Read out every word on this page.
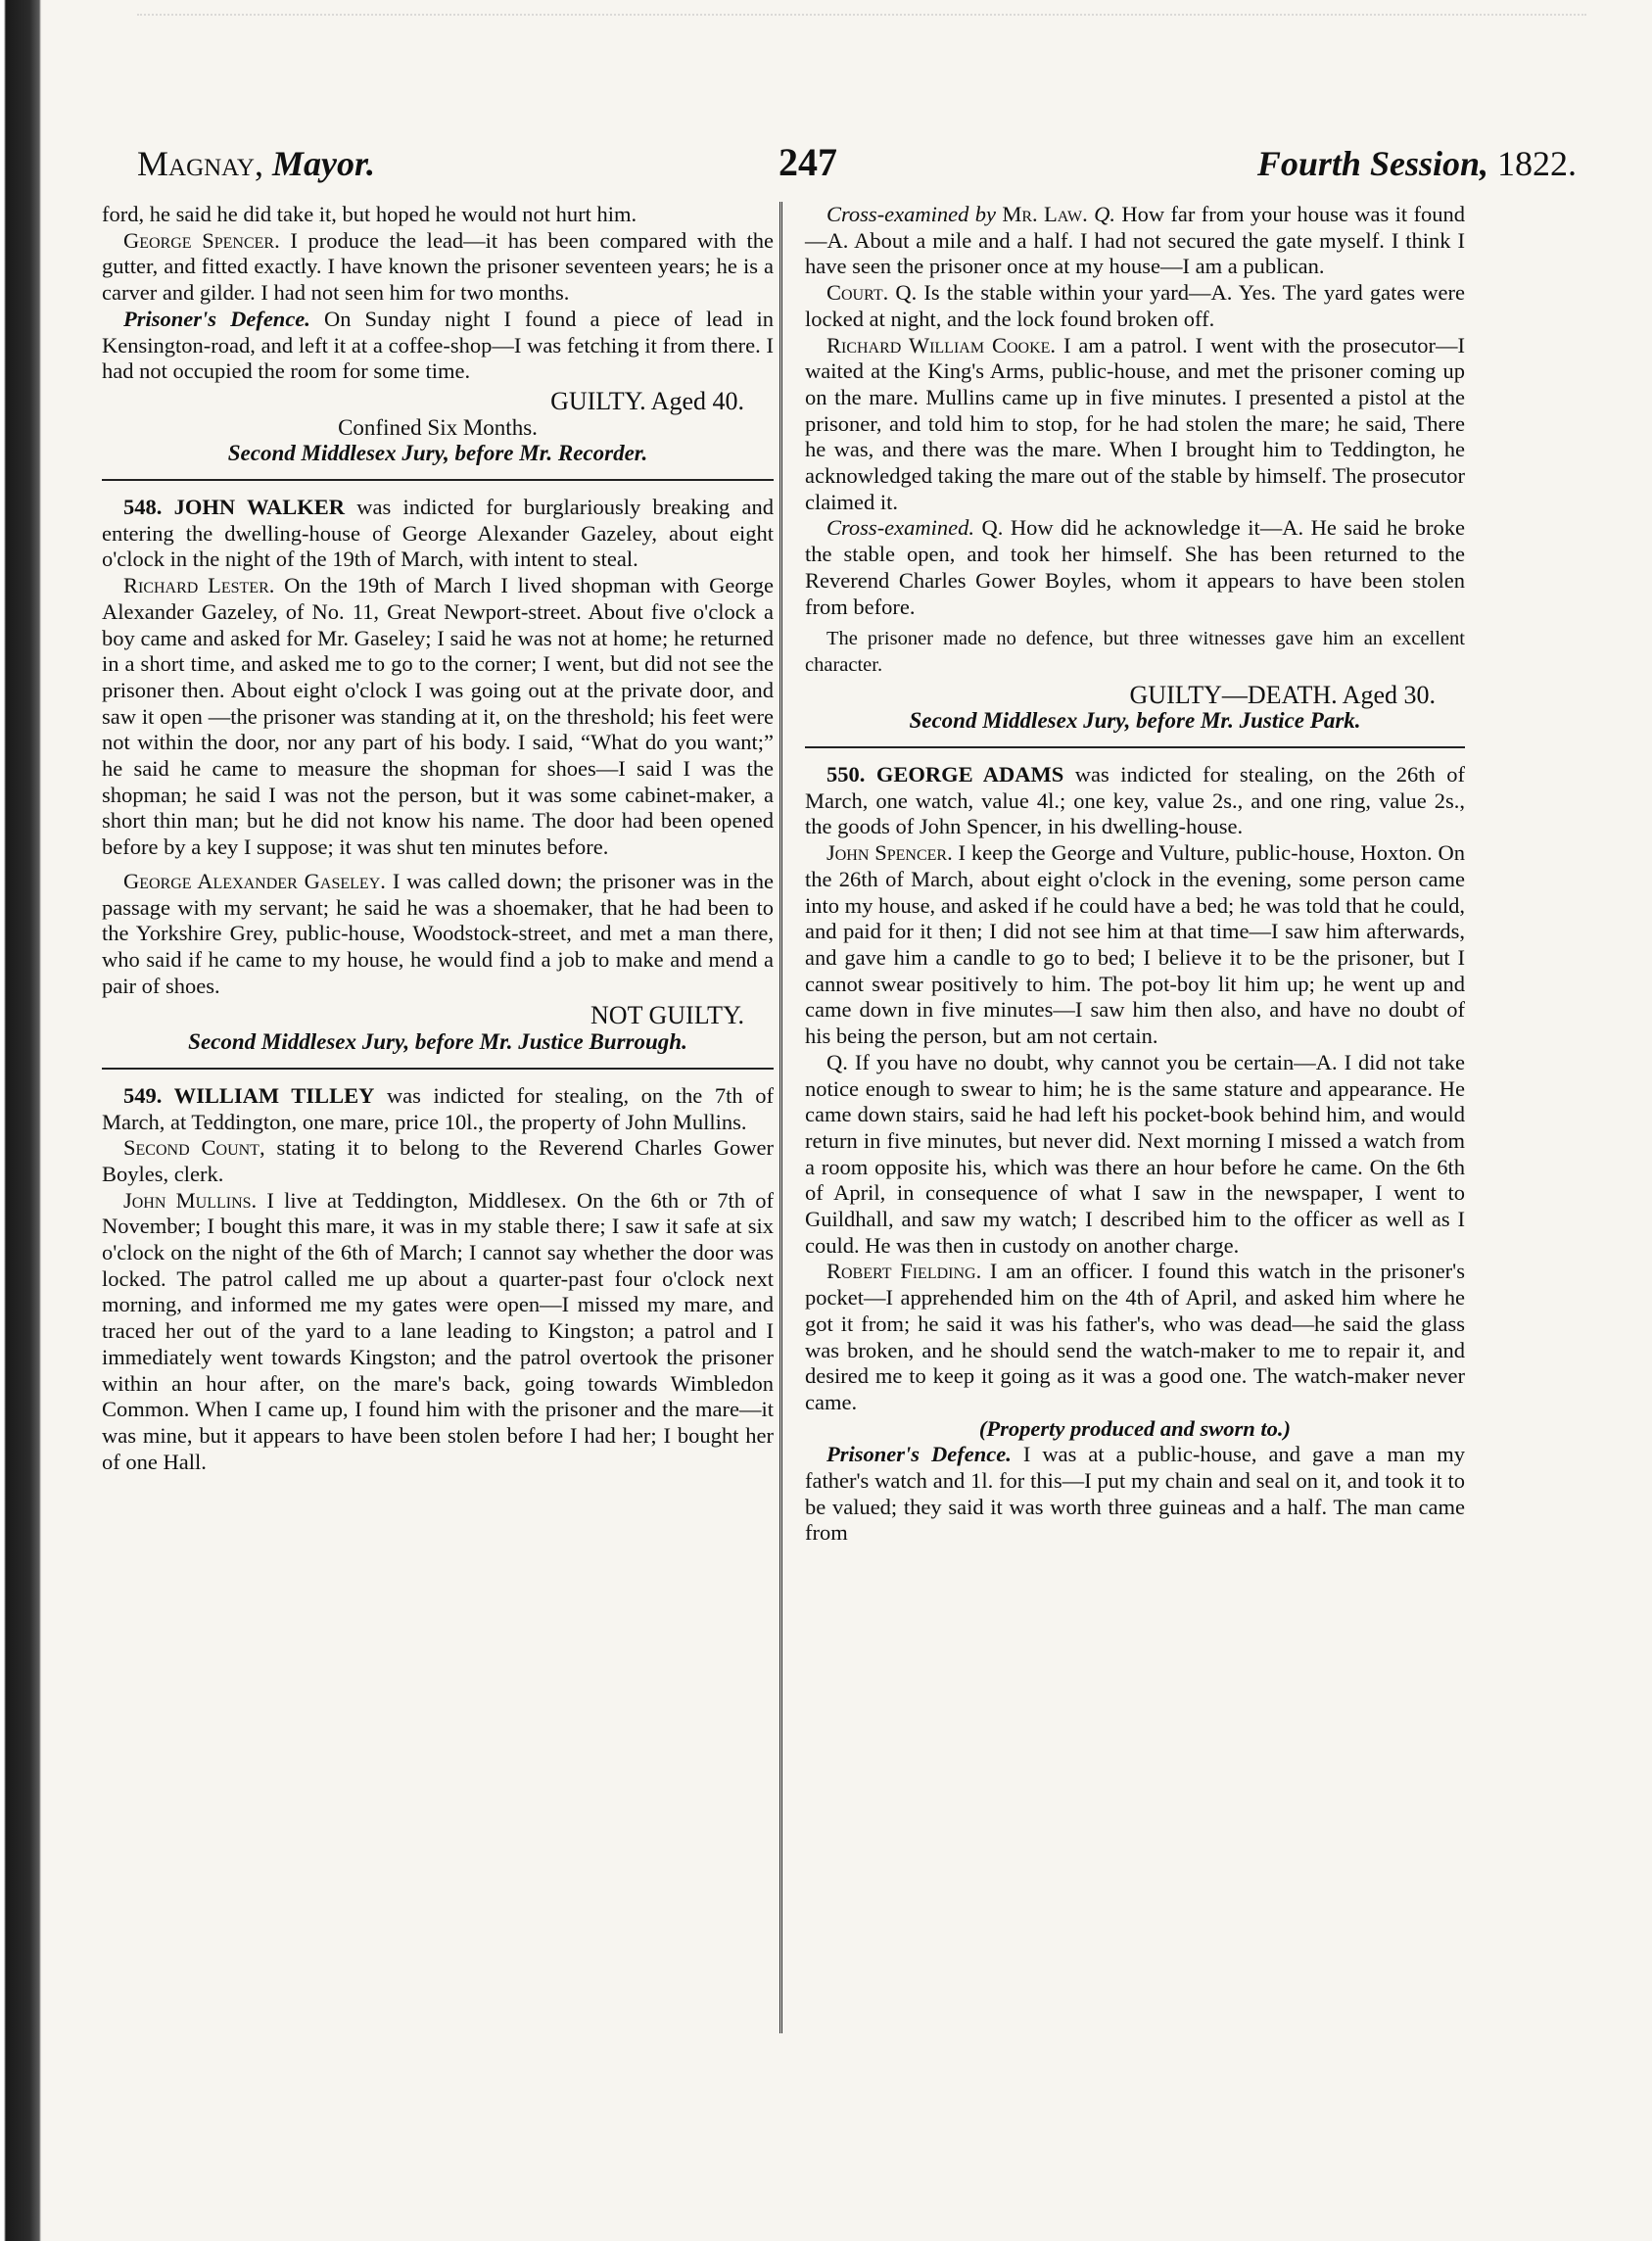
Magnay, Mayor.	247	Fourth Session, 1822.

ford, he said he did take it, but hoped he would not hurt him.

George Spencer. I produce the lead—it has been compared with the gutter, and fitted exactly. I have known the prisoner seventeen years; he is a carver and gilder. I had not seen him for two months.

Prisoner's Defence. On Sunday night I found a piece of lead in Kensington-road, and left it at a coffee-shop—I was fetching it from there. I had not occupied the room for some time.

GUILTY. Aged 40.
Confined Six Months.
Second Middlesex Jury, before Mr. Recorder.

548. JOHN WALKER was indicted for burglariously breaking and entering the dwelling-house of George Alexander Gazeley, about eight o'clock in the night of the 19th of March, with intent to steal.

Richard Lester. On the 19th of March I lived shopman with George Alexander Gazeley, of No. 11, Great Newport-street. About five o'clock a boy came and asked for Mr. Gaseley; I said he was not at home; he returned in a short time, and asked me to go to the corner; I went, but did not see the prisoner then. About eight o'clock I was going out at the private door, and saw it open —the prisoner was standing at it, on the threshold; his feet were not within the door, nor any part of his body. I said, “What do you want;” he said he came to measure the shopman for shoes—I said I was the shopman; he said I was not the person, but it was some cabinet-maker, a short thin man; but he did not know his name. The door had been opened before by a key I suppose; it was shut ten minutes before.

George Alexander Gaseley. I was called down; the prisoner was in the passage with my servant; he said he was a shoemaker, that he had been to the Yorkshire Grey, public-house, Woodstock-street, and met a man there, who said if he came to my house, he would find a job to make and mend a pair of shoes.

NOT GUILTY.
Second Middlesex Jury, before Mr. Justice Burrough.

549. WILLIAM TILLEY was indicted for stealing, on the 7th of March, at Teddington, one mare, price 10l., the property of John Mullins.

Second Count, stating it to belong to the Reverend Charles Gower Boyles, clerk.

John Mullins. I live at Teddington, Middlesex. On the 6th or 7th of November; I bought this mare, it was in my stable there; I saw it safe at six o'clock on the night of the 6th of March; I cannot say whether the door was locked. The patrol called me up about a quarter-past four o'clock next morning, and informed me my gates were open—I missed my mare, and traced her out of the yard to a lane leading to Kingston; a patrol and I immediately went towards Kingston; and the patrol overtook the prisoner within an hour after, on the mare's back, going towards Wimbledon Common. When I came up, I found him with the prisoner and the mare—it was mine, but it appears to have been stolen before I had her; I bought her of one Hall.

Cross-examined by Mr. Law. Q. How far from your house was it found—A. About a mile and a half. I had not secured the gate myself. I think I have seen the prisoner once at my house—I am a publican.

Court. Q. Is the stable within your yard—A. Yes. The yard gates were locked at night, and the lock found broken off.

Richard William Cooke. I am a patrol. I went with the prosecutor—I waited at the King's Arms, public-house, and met the prisoner coming up on the mare. Mullins came up in five minutes. I presented a pistol at the prisoner, and told him to stop, for he had stolen the mare; he said, There he was, and there was the mare. When I brought him to Teddington, he acknowledged taking the mare out of the stable by himself. The prosecutor claimed it.

Cross-examined. Q. How did he acknowledge it—A. He said he broke the stable open, and took her himself. She has been returned to the Reverend Charles Gower Boyles, whom it appears to have been stolen from before.

The prisoner made no defence, but three witnesses gave him an excellent character.

GUILTY—DEATH. Aged 30.
Second Middlesex Jury, before Mr. Justice Park.

550. GEORGE ADAMS was indicted for stealing, on the 26th of March, one watch, value 4l.; one key, value 2s., and one ring, value 2s., the goods of John Spencer, in his dwelling-house.

John Spencer. I keep the George and Vulture, public-house, Hoxton. On the 26th of March, about eight o'clock in the evening, some person came into my house, and asked if he could have a bed; he was told that he could, and paid for it then; I did not see him at that time—I saw him afterwards, and gave him a candle to go to bed; I believe it to be the prisoner, but I cannot swear positively to him. The pot-boy lit him up; he went up and came down in five minutes—I saw him then also, and have no doubt of his being the person, but am not certain.

Q. If you have no doubt, why cannot you be certain—A. I did not take notice enough to swear to him; he is the same stature and appearance. He came down stairs, said he had left his pocket-book behind him, and would return in five minutes, but never did. Next morning I missed a watch from a room opposite his, which was there an hour before he came. On the 6th of April, in consequence of what I saw in the newspaper, I went to Guildhall, and saw my watch; I described him to the officer as well as I could. He was then in custody on another charge.

Robert Fielding. I am an officer. I found this watch in the prisoner's pocket—I apprehended him on the 4th of April, and asked him where he got it from; he said it was his father's, who was dead—he said the glass was broken, and he should send the watch-maker to me to repair it, and desired me to keep it going as it was a good one. The watch-maker never came.

(Property produced and sworn to.)

Prisoner's Defence. I was at a public-house, and gave a man my father's watch and 1l. for this—I put my chain and seal on it, and took it to be valued; they said it was worth three guineas and a half. The man came from
